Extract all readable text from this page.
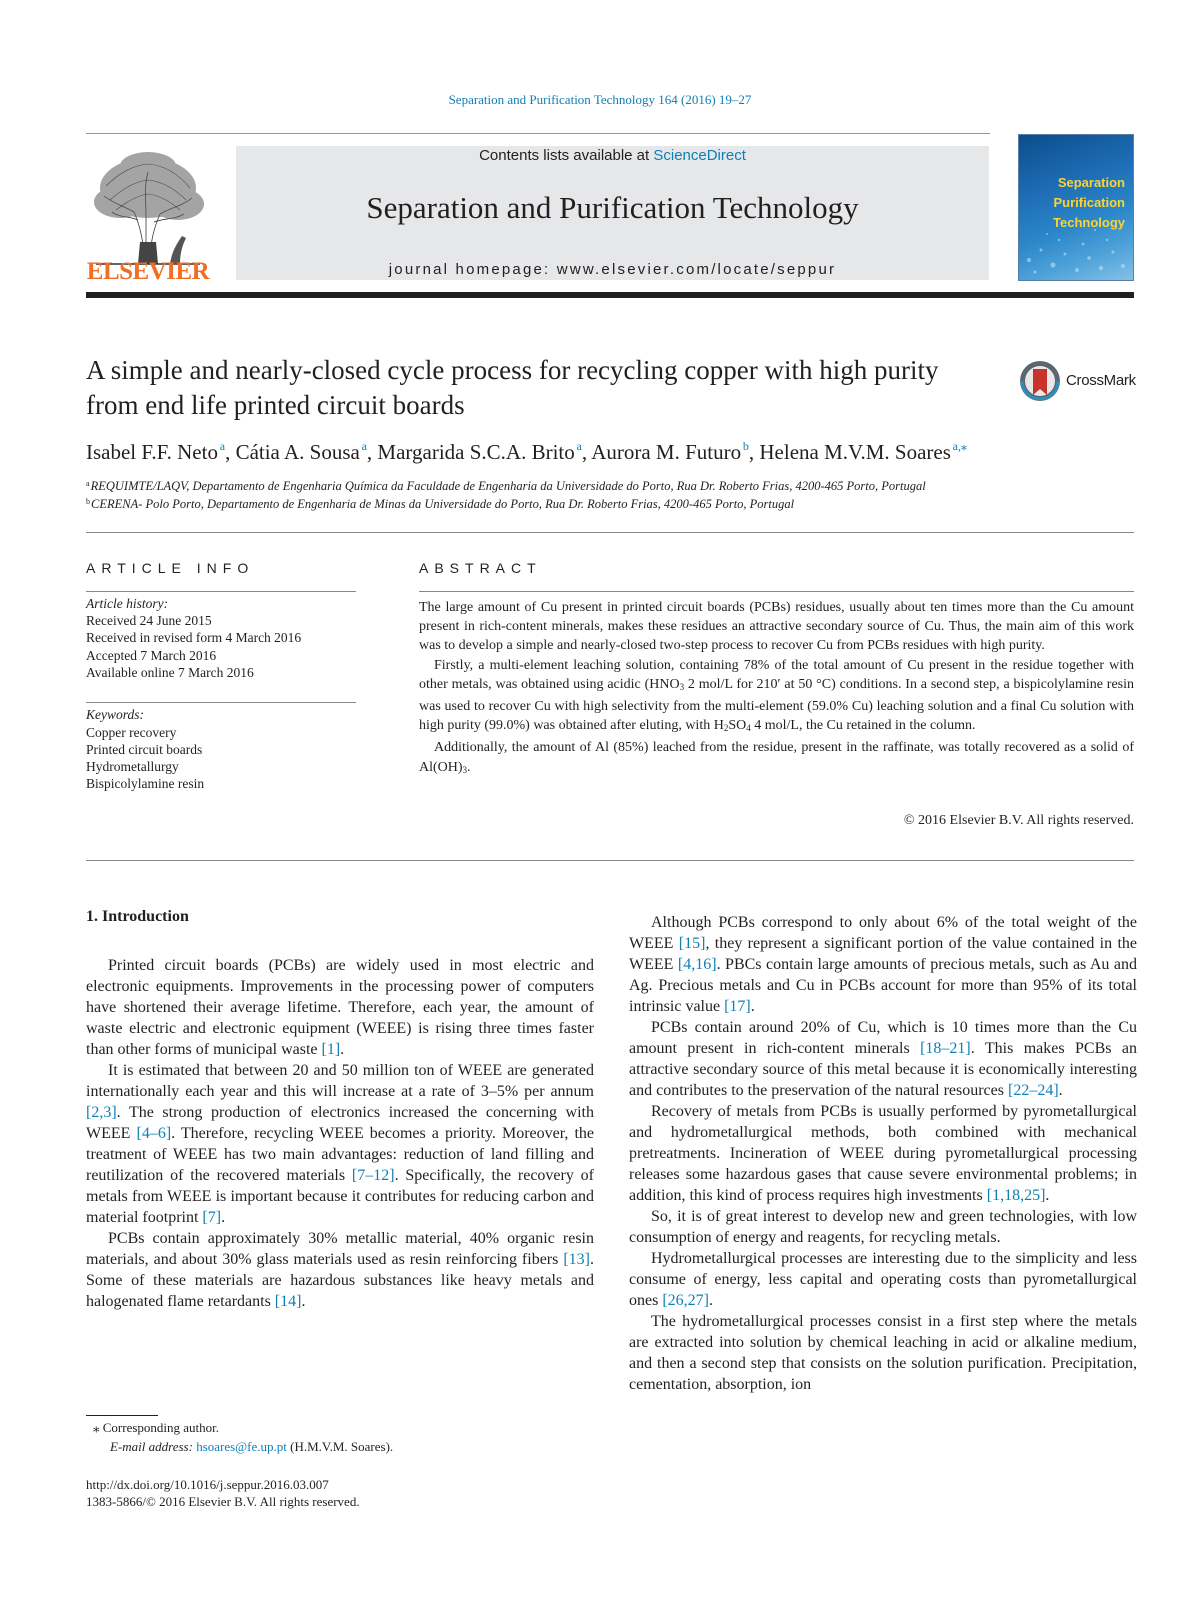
Separation and Purification Technology 164 (2016) 19–27
ELSEVIER
Contents lists available at ScienceDirect
Separation and Purification Technology
journal homepage: www.elsevier.com/locate/seppur
Separation
Purification
Technology
A simple and nearly-closed cycle process for recycling copper with high purity from end life printed circuit boards
CrossMark
Isabel F.F. Neto  $^a$, Cátia A. Sousa  $^a$, Margarida S.C.A. Brito  $^a$, Aurora M. Futuro  $^b$, Helena M.V.M. Soares  $^{a,⁎}$
$^a$ REQUIMTE/LAQV, Departamento de Engenharia Química da Faculdade de Engenharia da Universidade do Porto, Rua Dr. Roberto Frias, 4200-465 Porto, Portugal
$^b$ CERENA- Polo Porto, Departamento de Engenharia de Minas da Universidade do Porto, Rua Dr. Roberto Frias, 4200-465 Porto, Portugal
ARTICLE INFO	ABSTRACT
Article history:
Received 24 June 2015
Received in revised form 4 March 2016
Accepted 7 March 2016
Available online 7 March 2016
Keywords:
Copper recovery
Printed circuit boards
Hydrometallurgy
Bispicolylamine resin

The large amount of Cu present in printed circuit boards (PCBs) residues, usually about ten times more than the Cu amount present in rich-content minerals, makes these residues an attractive secondary source of Cu. Thus, the main aim of this work was to develop a simple and nearly-closed two-step process to recover Cu from PCBs residues with high purity.

Firstly, a multi-element leaching solution, containing 78% of the total amount of Cu present in the residue together with other metals, was obtained using acidic ($HNO_3$ 2 mol/L for 210′ at 50 °C) conditions. In a second step, a bispicolylamine resin was used to recover Cu with high selectivity from the multi-element (59.0% Cu) leaching solution and a final Cu solution with high purity (99.0%) was obtained after eluting, with $H_2SO_4$ 4 mol/L, the Cu retained in the column.

Additionally, the amount of Al (85%) leached from the residue, present in the raffinate, was totally recovered as a solid of $Al(OH)_3$.

© 2016 Elsevier B.V. All rights reserved.
1. Introduction

Printed circuit boards (PCBs) are widely used in most electric and electronic equipments. Improvements in the processing power of computers have shortened their average lifetime. Therefore, each year, the amount of waste electric and electronic equipment (WEEE) is rising three times faster than other forms of municipal waste [1].

It is estimated that between 20 and 50 million ton of WEEE are generated internationally each year and this will increase at a rate of 3–5% per annum [2,3]. The strong production of electronics increased the concerning with WEEE [4–6]. Therefore, recycling WEEE becomes a priority. Moreover, the treatment of WEEE has two main advantages: reduction of land filling and reutilization of the recovered materials [7–12]. Specifically, the recovery of metals from WEEE is important because it contributes for reducing carbon and material footprint [7].

PCBs contain approximately 30% metallic material, 40% organic resin materials, and about 30% glass materials used as resin reinforcing fibers [13]. Some of these materials are hazardous substances like heavy metals and halogenated flame retardants [14].

Although PCBs correspond to only about 6% of the total weight of the WEEE [15], they represent a significant portion of the value contained in the WEEE [4,16]. PBCs contain large amounts of precious metals, such as Au and Ag. Precious metals and Cu in PCBs account for more than 95% of its total intrinsic value [17].

PCBs contain around 20% of Cu, which is 10 times more than the Cu amount present in rich-content minerals [18–21]. This makes PCBs an attractive secondary source of this metal because it is economically interesting and contributes to the preservation of the natural resources [22–24].

Recovery of metals from PCBs is usually performed by pyrometallurgical and hydrometallurgical methods, both combined with mechanical pretreatments. Incineration of WEEE during pyrometallurgical processing releases some hazardous gases that cause severe environmental problems; in addition, this kind of process requires high investments [1,18,25].

So, it is of great interest to develop new and green technologies, with low consumption of energy and reagents, for recycling metals.

Hydrometallurgical processes are interesting due to the simplicity and less consume of energy, less capital and operating costs than pyrometallurgical ones [26,27].

The hydrometallurgical processes consist in a first step where the metals are extracted into solution by chemical leaching in acid or alkaline medium, and then a second step that consists on the solution purification. Precipitation, cementation, absorption, ion

⁎ Corresponding author.
E-mail address: hsoares@fe.up.pt (H.M.V.M. Soares).
http://dx.doi.org/10.1016/j.seppur.2016.03.007
1383-5866/© 2016 Elsevier B.V. All rights reserved.
